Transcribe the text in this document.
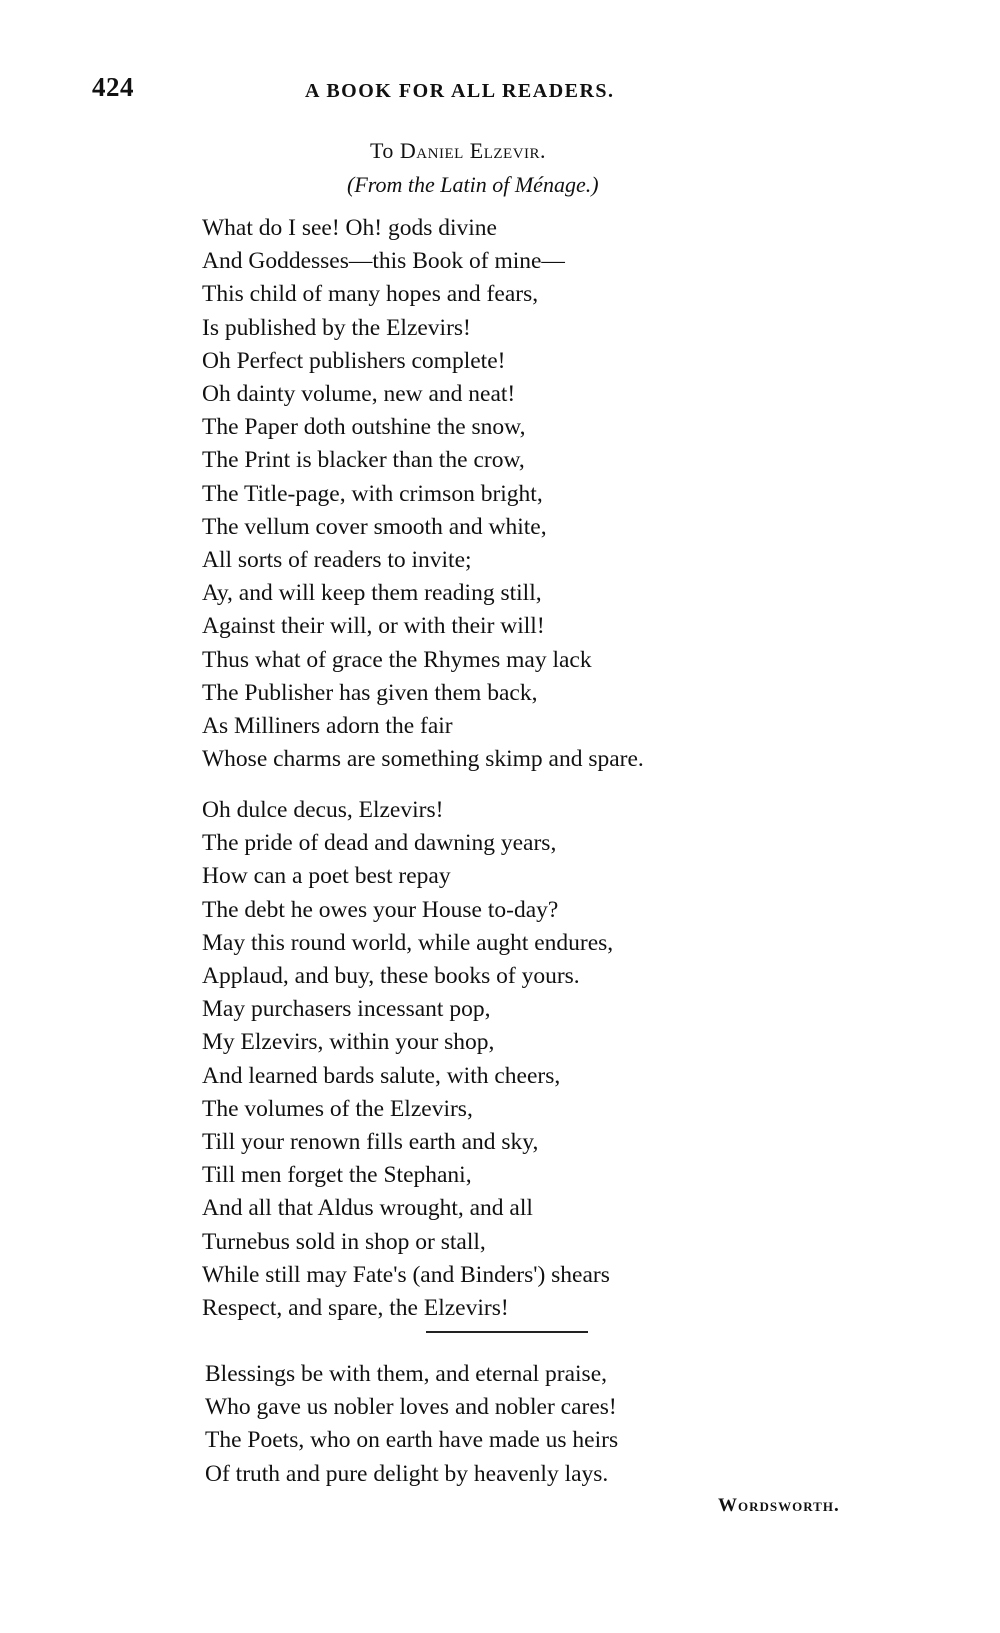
424	A BOOK FOR ALL READERS.
To Daniel Elzevir.
(From the Latin of Ménage.)
What do I see! Oh! gods divine
And Goddesses—this Book of mine—
This child of many hopes and fears,
Is published by the Elzevirs!
Oh Perfect publishers complete!
Oh dainty volume, new and neat!
The Paper doth outshine the snow,
The Print is blacker than the crow,
The Title-page, with crimson bright,
The vellum cover smooth and white,
All sorts of readers to invite;
Ay, and will keep them reading still,
Against their will, or with their will!
Thus what of grace the Rhymes may lack
The Publisher has given them back,
As Milliners adorn the fair
Whose charms are something skimp and spare.
Oh dulce decus, Elzevirs!
The pride of dead and dawning years,
How can a poet best repay
The debt he owes your House to-day?
May this round world, while aught endures,
Applaud, and buy, these books of yours.
May purchasers incessant pop,
My Elzevirs, within your shop,
And learned bards salute, with cheers,
The volumes of the Elzevirs,
Till your renown fills earth and sky,
Till men forget the Stephani,
And all that Aldus wrought, and all
Turnebus sold in shop or stall,
While still may Fate's (and Binders') shears
Respect, and spare, the Elzevirs!
Blessings be with them, and eternal praise,
Who gave us nobler loves and nobler cares!
The Poets, who on earth have made us heirs
Of truth and pure delight by heavenly lays.
Wordsworth.
